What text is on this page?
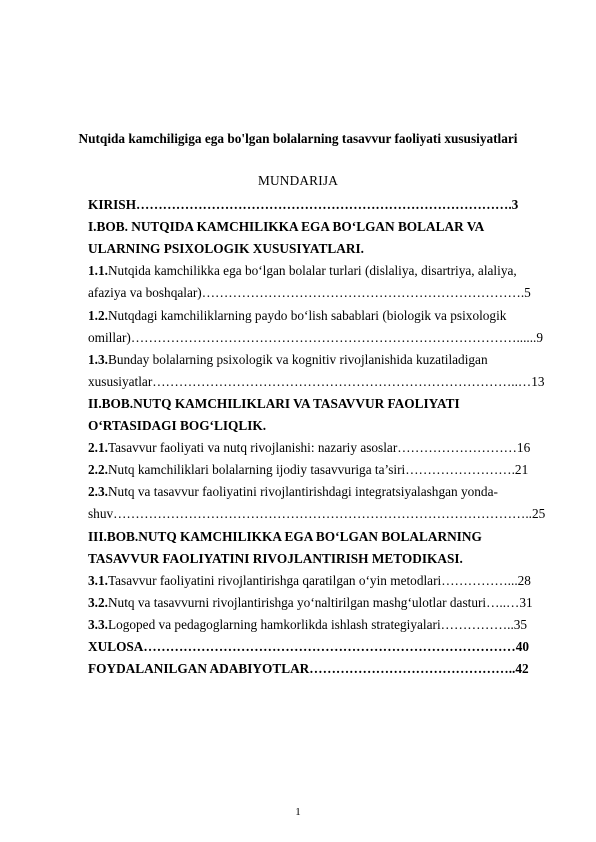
Nutqida kamchiligiga ega bo'lgan bolalarning tasavvur faoliyati xususiyatlari
MUNDARIJA
KIRISH………………………………………………………………………….3
I.BOB. NUTQIDA KAMCHILIKKA EGA BO‘LGAN BOLALAR VA
ULARNING PSIXOLOGIK XUSUSIYATLARI.
1.1.Nutqida kamchilikka ega bo‘lgan bolalar turlari (dislaliya, disartriya, alaliya,
afaziya va boshqalar)……………………………………………………………….5
1.2.Nutqdagi kamchiliklarning paydo bo‘lish sabablari (biologik va psixologik
omillar)……………………………………………………………………………......9
1.3.Bunday bolalarning psixologik va kognitiv rivojlanishida kuzatiladigan
xususiyatlar………………………………………………………………………..…13
II.BOB.NUTQ KAMCHILIKLARI VA TASAVVUR FAOLIYATI
O‘RTASIDAGI BOG‘LIQLIK.
2.1.Tasavvur faoliyati va nutq rivojlanishi: nazariy asoslar………………………16
2.2.Nutq kamchiliklari bolalarning ijodiy tasavvuriga ta’siri…………………….21
2.3.Nutq va tasavvur faoliyatini rivojlantirishdagi integratsiyalashgan yonda-
shuv…………………………………………………………………………………..25
III.BOB.NUTQ KAMCHILIKKA EGA BO‘LGAN BOLALARNING
TASAVVUR FAOLIYATINI RIVOJLANTIRISH METODIKASI.
3.1.Tasavvur faoliyatini rivojlantirishga qaratilgan o‘yin metodlari……………...28
3.2.Nutq va tasavvurni rivojlantirishga yo‘naltirilgan mashg‘ulotlar dasturi…..…31
3.3.Logoped va pedagoglarning hamkorlikda ishlash strategiyalari……………..35
XULOSA…………………………………………………………………………40
FOYDALANILGAN ADABIYOTLAR………………………………………..42
1
